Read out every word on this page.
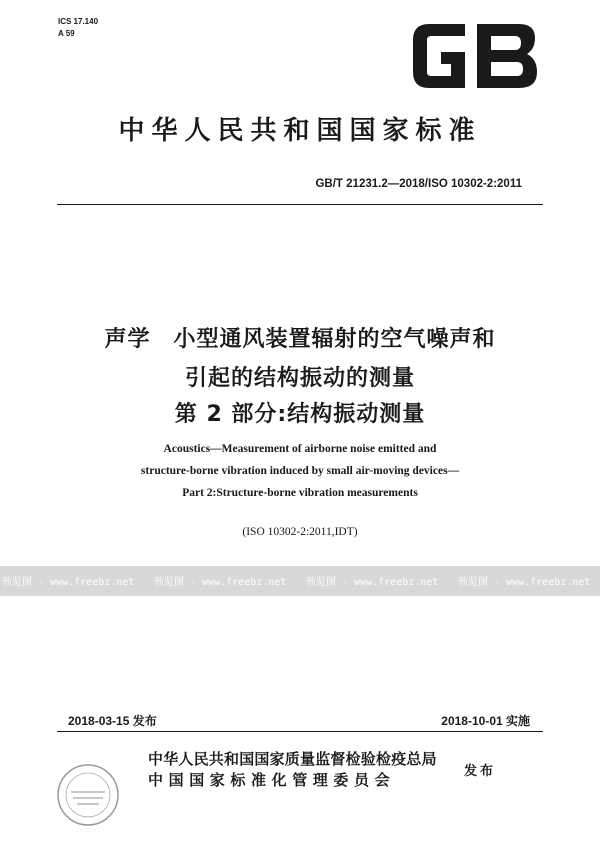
ICS 17.140
A 59
中华人民共和国国家标准
GB/T 21231.2—2018/ISO 10302-2:2011
声学　小型通风装置辐射的空气噪声和
引起的结构振动的测量
第 2 部分:结构振动测量
Acoustics—Measurement of airborne noise emitted and
structure-borne vibration induced by small air-moving devices—
Part 2:Structure-borne vibration measurements
(ISO 10302-2:2011,IDT)
预览图 - www.freebz.net 预览图 - www.freebz.net 预览图 - www.freebz.net 预览图 - www.freebz.net
2018-03-15 发布	2018-10-01 实施
中华人民共和国国家质量监督检验检疫总局
中国国家标准化管理委员会	发布
